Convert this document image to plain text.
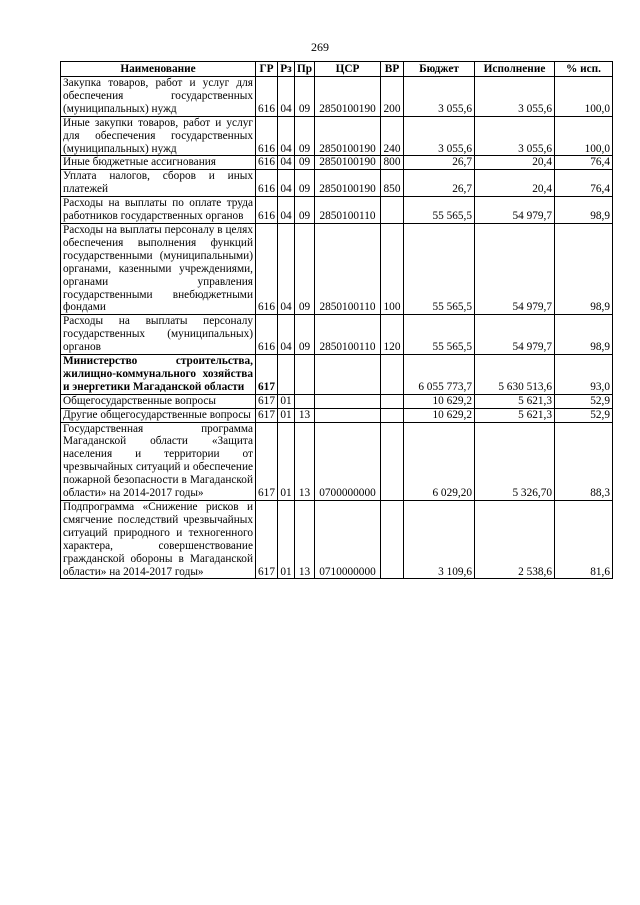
269
Наименование	ГР	Рз	Пр	ЦСР	ВР	Бюджет	Исполнение	% исп.
Закупка товаров, работ и услуг для обеспечения государственных (муниципальных) нужд	616	04	09	2850100190	200	3 055,6	3 055,6	100,0
Иные закупки товаров, работ и услуг для обеспечения государственных (муниципальных) нужд	616	04	09	2850100190	240	3 055,6	3 055,6	100,0
Иные бюджетные ассигнования	616	04	09	2850100190	800	26,7	20,4	76,4
Уплата налогов, сборов и иных платежей	616	04	09	2850100190	850	26,7	20,4	76,4
Расходы на выплаты по оплате труда работников государственных органов	616	04	09	2850100110		55 565,5	54 979,7	98,9
Расходы на выплаты персоналу в целях обеспечения выполнения функций государственными (муниципальными) органами, казенными учреждениями, органами управления государственными внебюджетными фондами	616	04	09	2850100110	100	55 565,5	54 979,7	98,9
Расходы на выплаты персоналу государственных (муниципальных) органов	616	04	09	2850100110	120	55 565,5	54 979,7	98,9
Министерство строительства, жилищно-коммунального хозяйства и энергетики Магаданской области	617					6 055 773,7	5 630 513,6	93,0
Общегосударственные вопросы	617	01				10 629,2	5 621,3	52,9
Другие общегосударственные вопросы	617	01	13			10 629,2	5 621,3	52,9
Государственная программа Магаданской области «Защита населения и территории от чрезвычайных ситуаций и обеспечение пожарной безопасности в Магаданской области» на 2014-2017 годы»	617	01	13	0700000000		6 029,20	5 326,70	88,3
Подпрограмма «Снижение рисков и смягчение последствий чрезвычайных ситуаций природного и техногенного характера, совершенствование гражданской обороны в Магаданской области» на 2014-2017 годы»	617	01	13	0710000000		3 109,6	2 538,6	81,6
